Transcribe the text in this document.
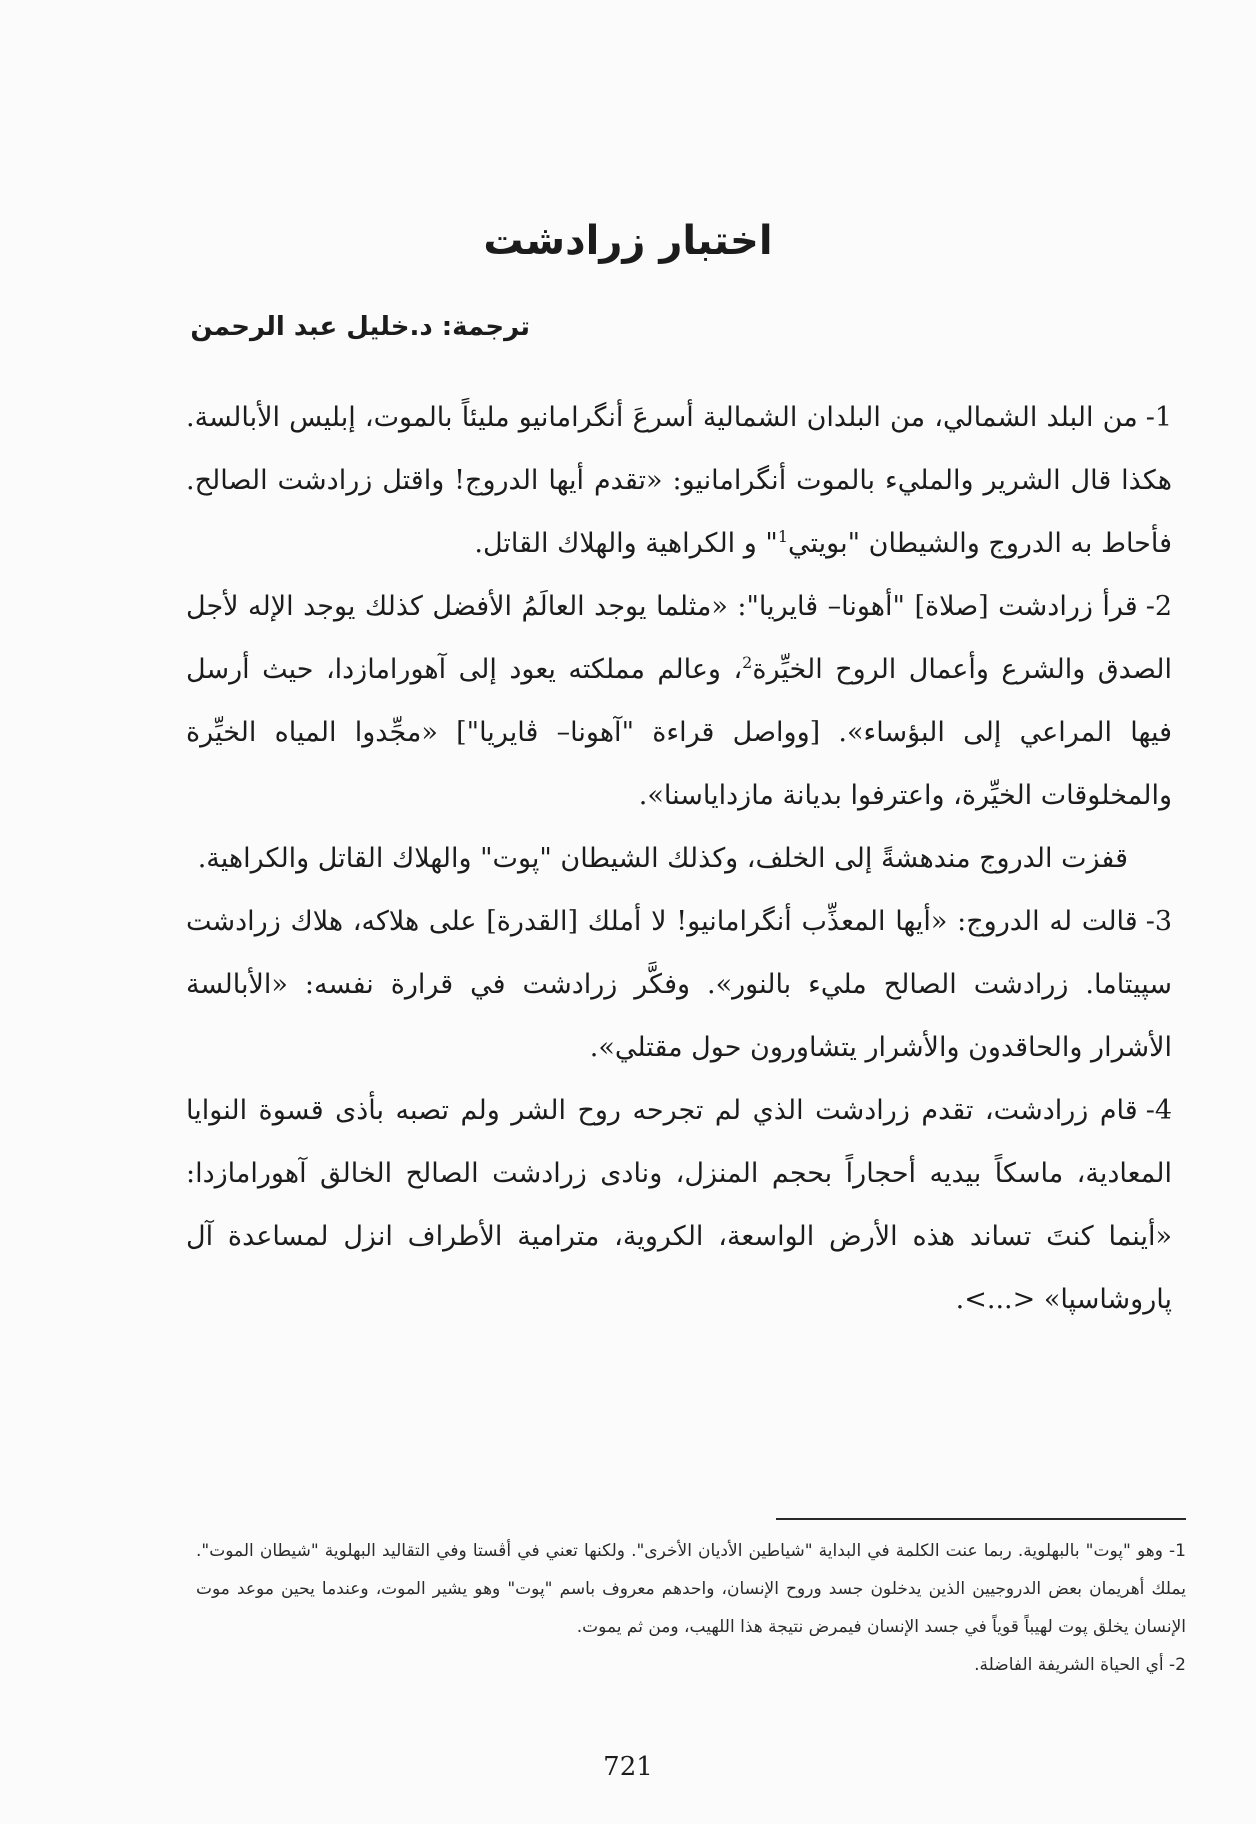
اختبار زرادشت
ترجمة: د.خليل عبد الرحمن

1-من البلد الشمالي، من البلدان الشمالية أسرعَ أنگرامانيو مليئاً بالموت، إبليس الأبالسة. هكذا قال الشرير والمليء بالموت أنگرامانيو: «تقدم أيها الدروج! واقتل زرادشت الصالح. فأحاط به الدروج والشيطان "بويتي$^1$" و الكراهية والهلاك القاتل.

2-قرأ زرادشت [صلاة] "أهونا– ڤايريا": «مثلما يوجد العالَمُ الأفضل كذلك يوجد الإله لأجل الصدق والشرع وأعمال الروح الخيِّرة$^2$، وعالم مملكته يعود إلى آهورامازدا، حيث أرسل فيها المراعي إلى البؤساء». [وواصل قراءة "آهونا– ڤايريا"] «مجِّدوا المياه الخيِّرة والمخلوقات الخيِّرة، واعترفوا بديانة مازداياسنا».

قفزت الدروج مندهشةً إلى الخلف، وكذلك الشيطان "پوت" والهلاك القاتل والكراهية.

3-قالت له الدروج: «أيها المعذِّب أنگرامانيو! لا أملك [القدرة] على هلاكه، هلاك زرادشت سپيتاما. زرادشت الصالح مليء بالنور». وفكَّر زرادشت في قرارة نفسه: «الأبالسة الأشرار والحاقدون والأشرار يتشاورون حول مقتلي».

4-قام زرادشت، تقدم زرادشت الذي لم تجرحه روح الشر ولم تصبه بأذى قسوة النوايا المعادية، ماسكاً بيديه أحجاراً بحجم المنزل، ونادى زرادشت الصالح الخالق آهورامازدا: «أينما كنتَ تساند هذه الأرض الواسعة، الكروية، مترامية الأطراف انزل لمساعدة آل پاروشاسپا» <...>.

1- وهو "پوت" بالبهلوية. ربما عنت الكلمة في البداية "شياطين الأديان الأخرى". ولكنها تعني في أڤستا وفي التقاليد البهلوية "شيطان الموت". يملك أهريمان بعض الدروجيين الذين يدخلون جسد وروح الإنسان، واحدهم معروف باسم "پوت" وهو يشير الموت، وعندما يحين موعد موت الإنسان يخلق پوت لهيباً قوياً في جسد الإنسان فيمرض نتيجة هذا اللهيب، ومن ثم يموت.

2- أي الحياة الشريفة الفاضلة.

721
